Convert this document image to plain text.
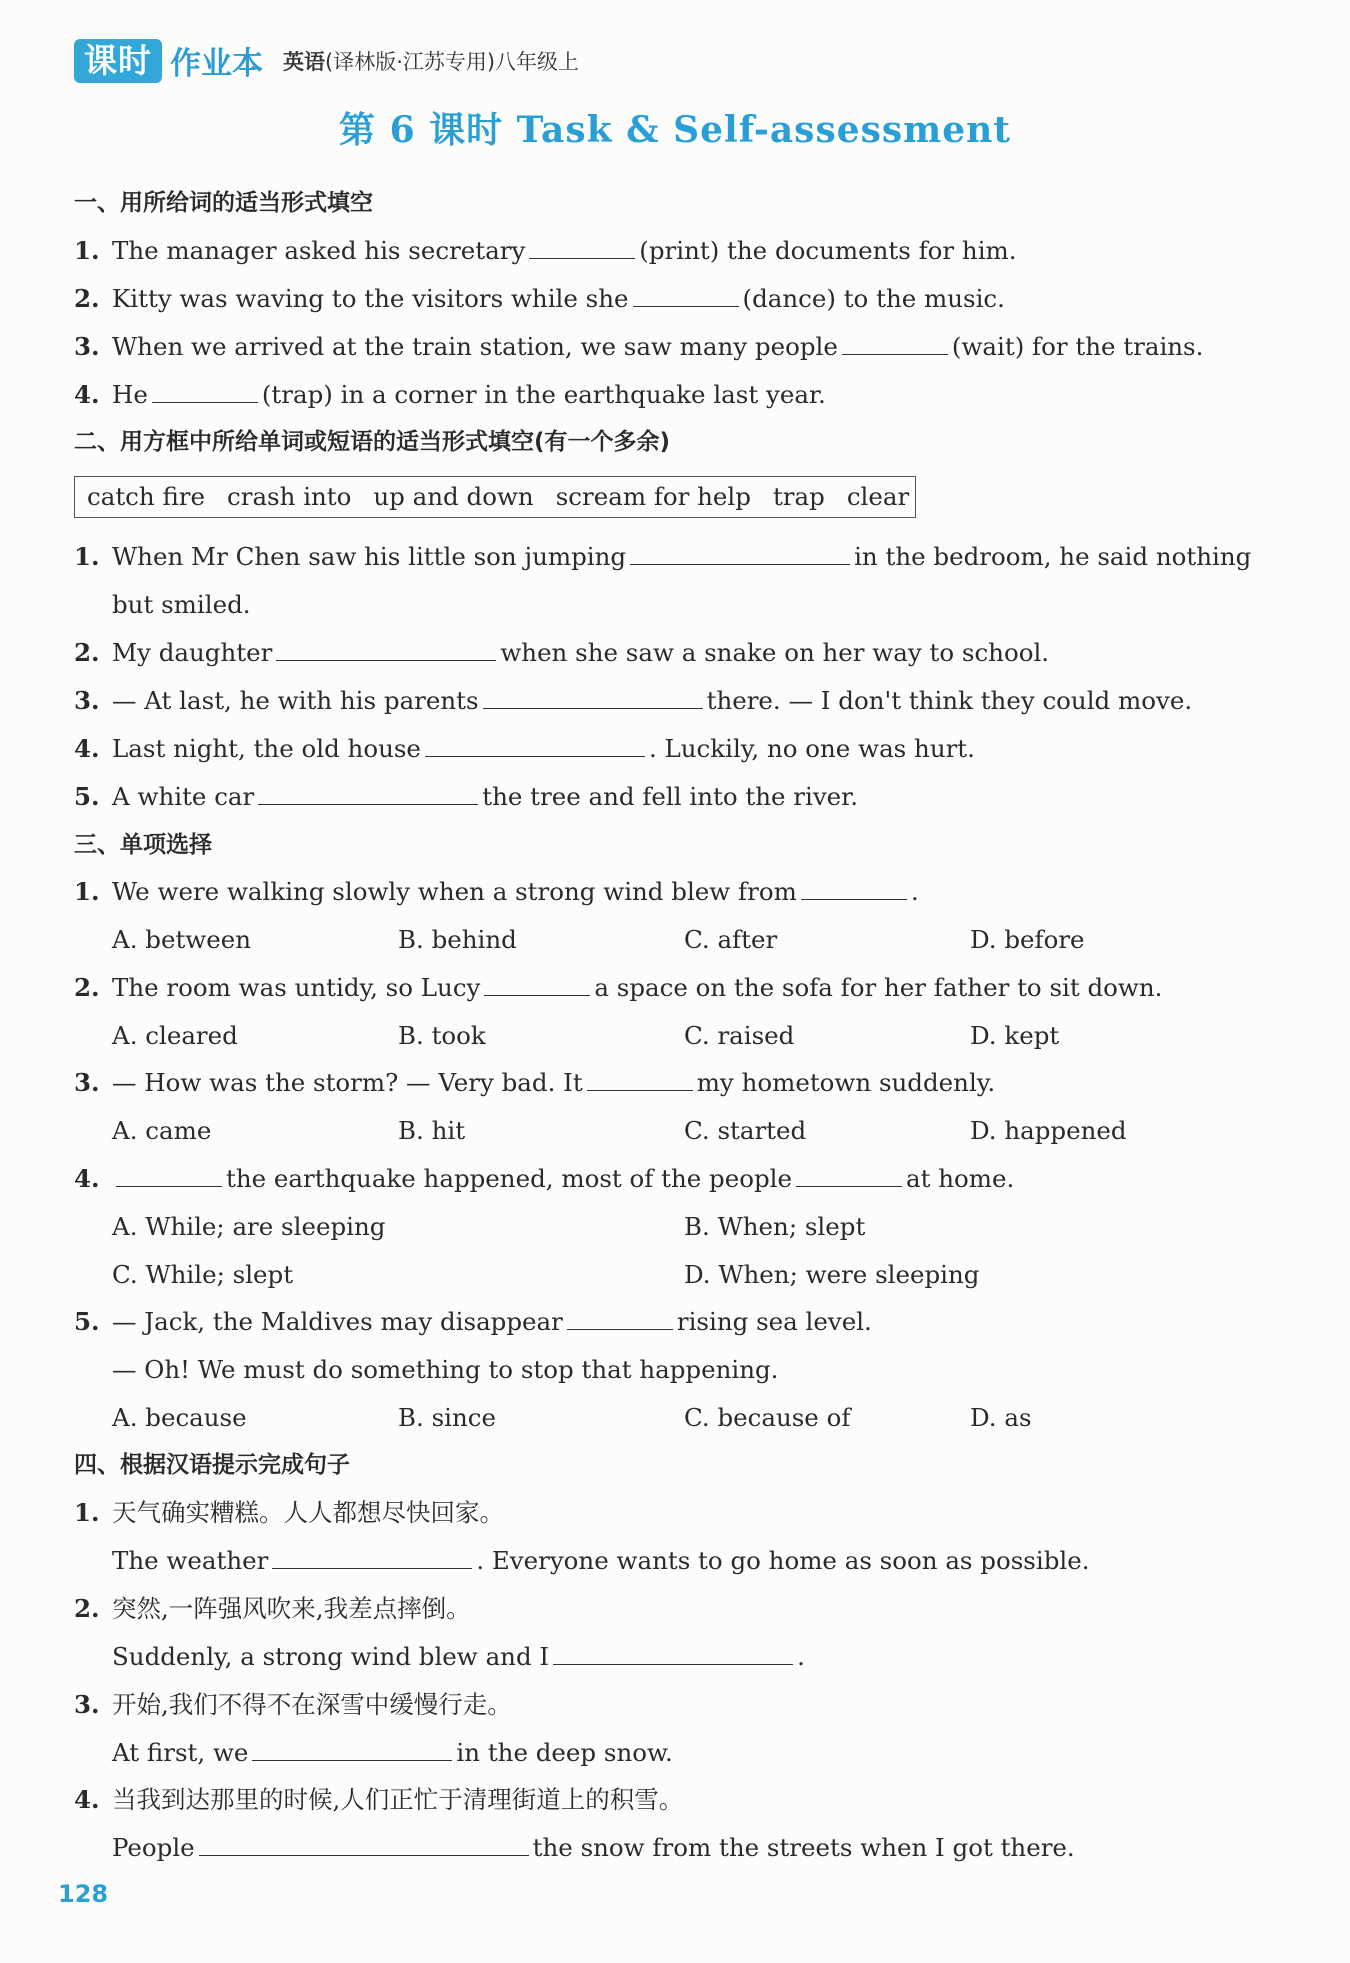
课时 作业本 英语(译林版·江苏专用)八年级上
第 6 课时 Task & Self-assessment
一、用所给词的适当形式填空
1. The manager asked his secretary	(print) the documents for him.
2. Kitty was waving to the visitors while she	(dance) to the music.
3. When we arrived at the train station, we saw many people	(wait) for the trains.
4. He	(trap) in a corner in the earthquake last year.
二、用方框中所给单词或短语的适当形式填空(有一个多余)
catch fire crash into up and down scream for help trap clear
1. When Mr Chen saw his little son jumping	in the bedroom, he said nothing
but smiled.
2. My daughter	when she saw a snake on her way to school.
3. — At last, he with his parents	there. — I don't think they could move.
4. Last night, the old house	. Luckily, no one was hurt.
5. A white car	the tree and fell into the river.
三、单项选择
1. We were walking slowly when a strong wind blew from	.
A. between	B. behind	C. after	D. before
2. The room was untidy, so Lucy	a space on the sofa for her father to sit down.
A. cleared	B. took	C. raised	D. kept
3. — How was the storm? — Very bad. It	my hometown suddenly.
A. came	B. hit	C. started	D. happened
4.	the earthquake happened, most of the people	at home.
A. While; are sleeping	B. When; slept
C. While; slept	D. When; were sleeping
5. — Jack, the Maldives may disappear	rising sea level.
— Oh! We must do something to stop that happening.
A. because	B. since	C. because of	D. as
四、根据汉语提示完成句子
1. 天气确实糟糕。人人都想尽快回家。
The weather	. Everyone wants to go home as soon as possible.
2. 突然,一阵强风吹来,我差点摔倒。
Suddenly, a strong wind blew and I	.
3. 开始,我们不得不在深雪中缓慢行走。
At first, we	in the deep snow.
4. 当我到达那里的时候,人们正忙于清理街道上的积雪。
People	the snow from the streets when I got there.
128
